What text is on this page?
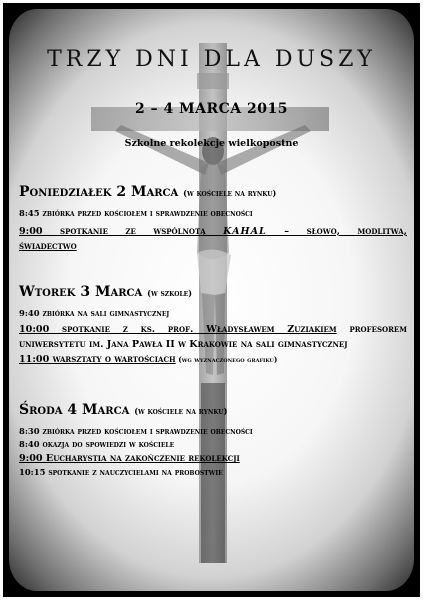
TRZY DNI DLA DUSZY
2 – 4 MARCA 2015
Szkolne rekolekcje wielkopostne
Poniedziałek 2 Marca (w kościele na rynku)
8:45 zbiórka przed kościołem i sprawdzenie obecności
9:00 spotkanie ze wspólnotą KAHAL – słowo, modlitwa,
świadectwo
Wtorek 3 Marca (w szkole)
9:40 zbiórka na sali gimnastycznej
10:00 spotkanie z ks. prof. Władysławem Zuziakiem profesorem
uniwersytetu im. Jana Pawła II w Krakowie na sali gimnastycznej
11:00 warsztaty o wartościach (wg wyznaczonego grafiku)
Środa 4 Marca (w kościele na rynku)
8:30 zbiórka przed kościołem i sprawdzenie obecności
8:40 okazja do spowiedzi w kościele
9:00 Eucharystia na zakończenie rekolekcji
10:15 spotkanie z nauczycielami na probostwie
